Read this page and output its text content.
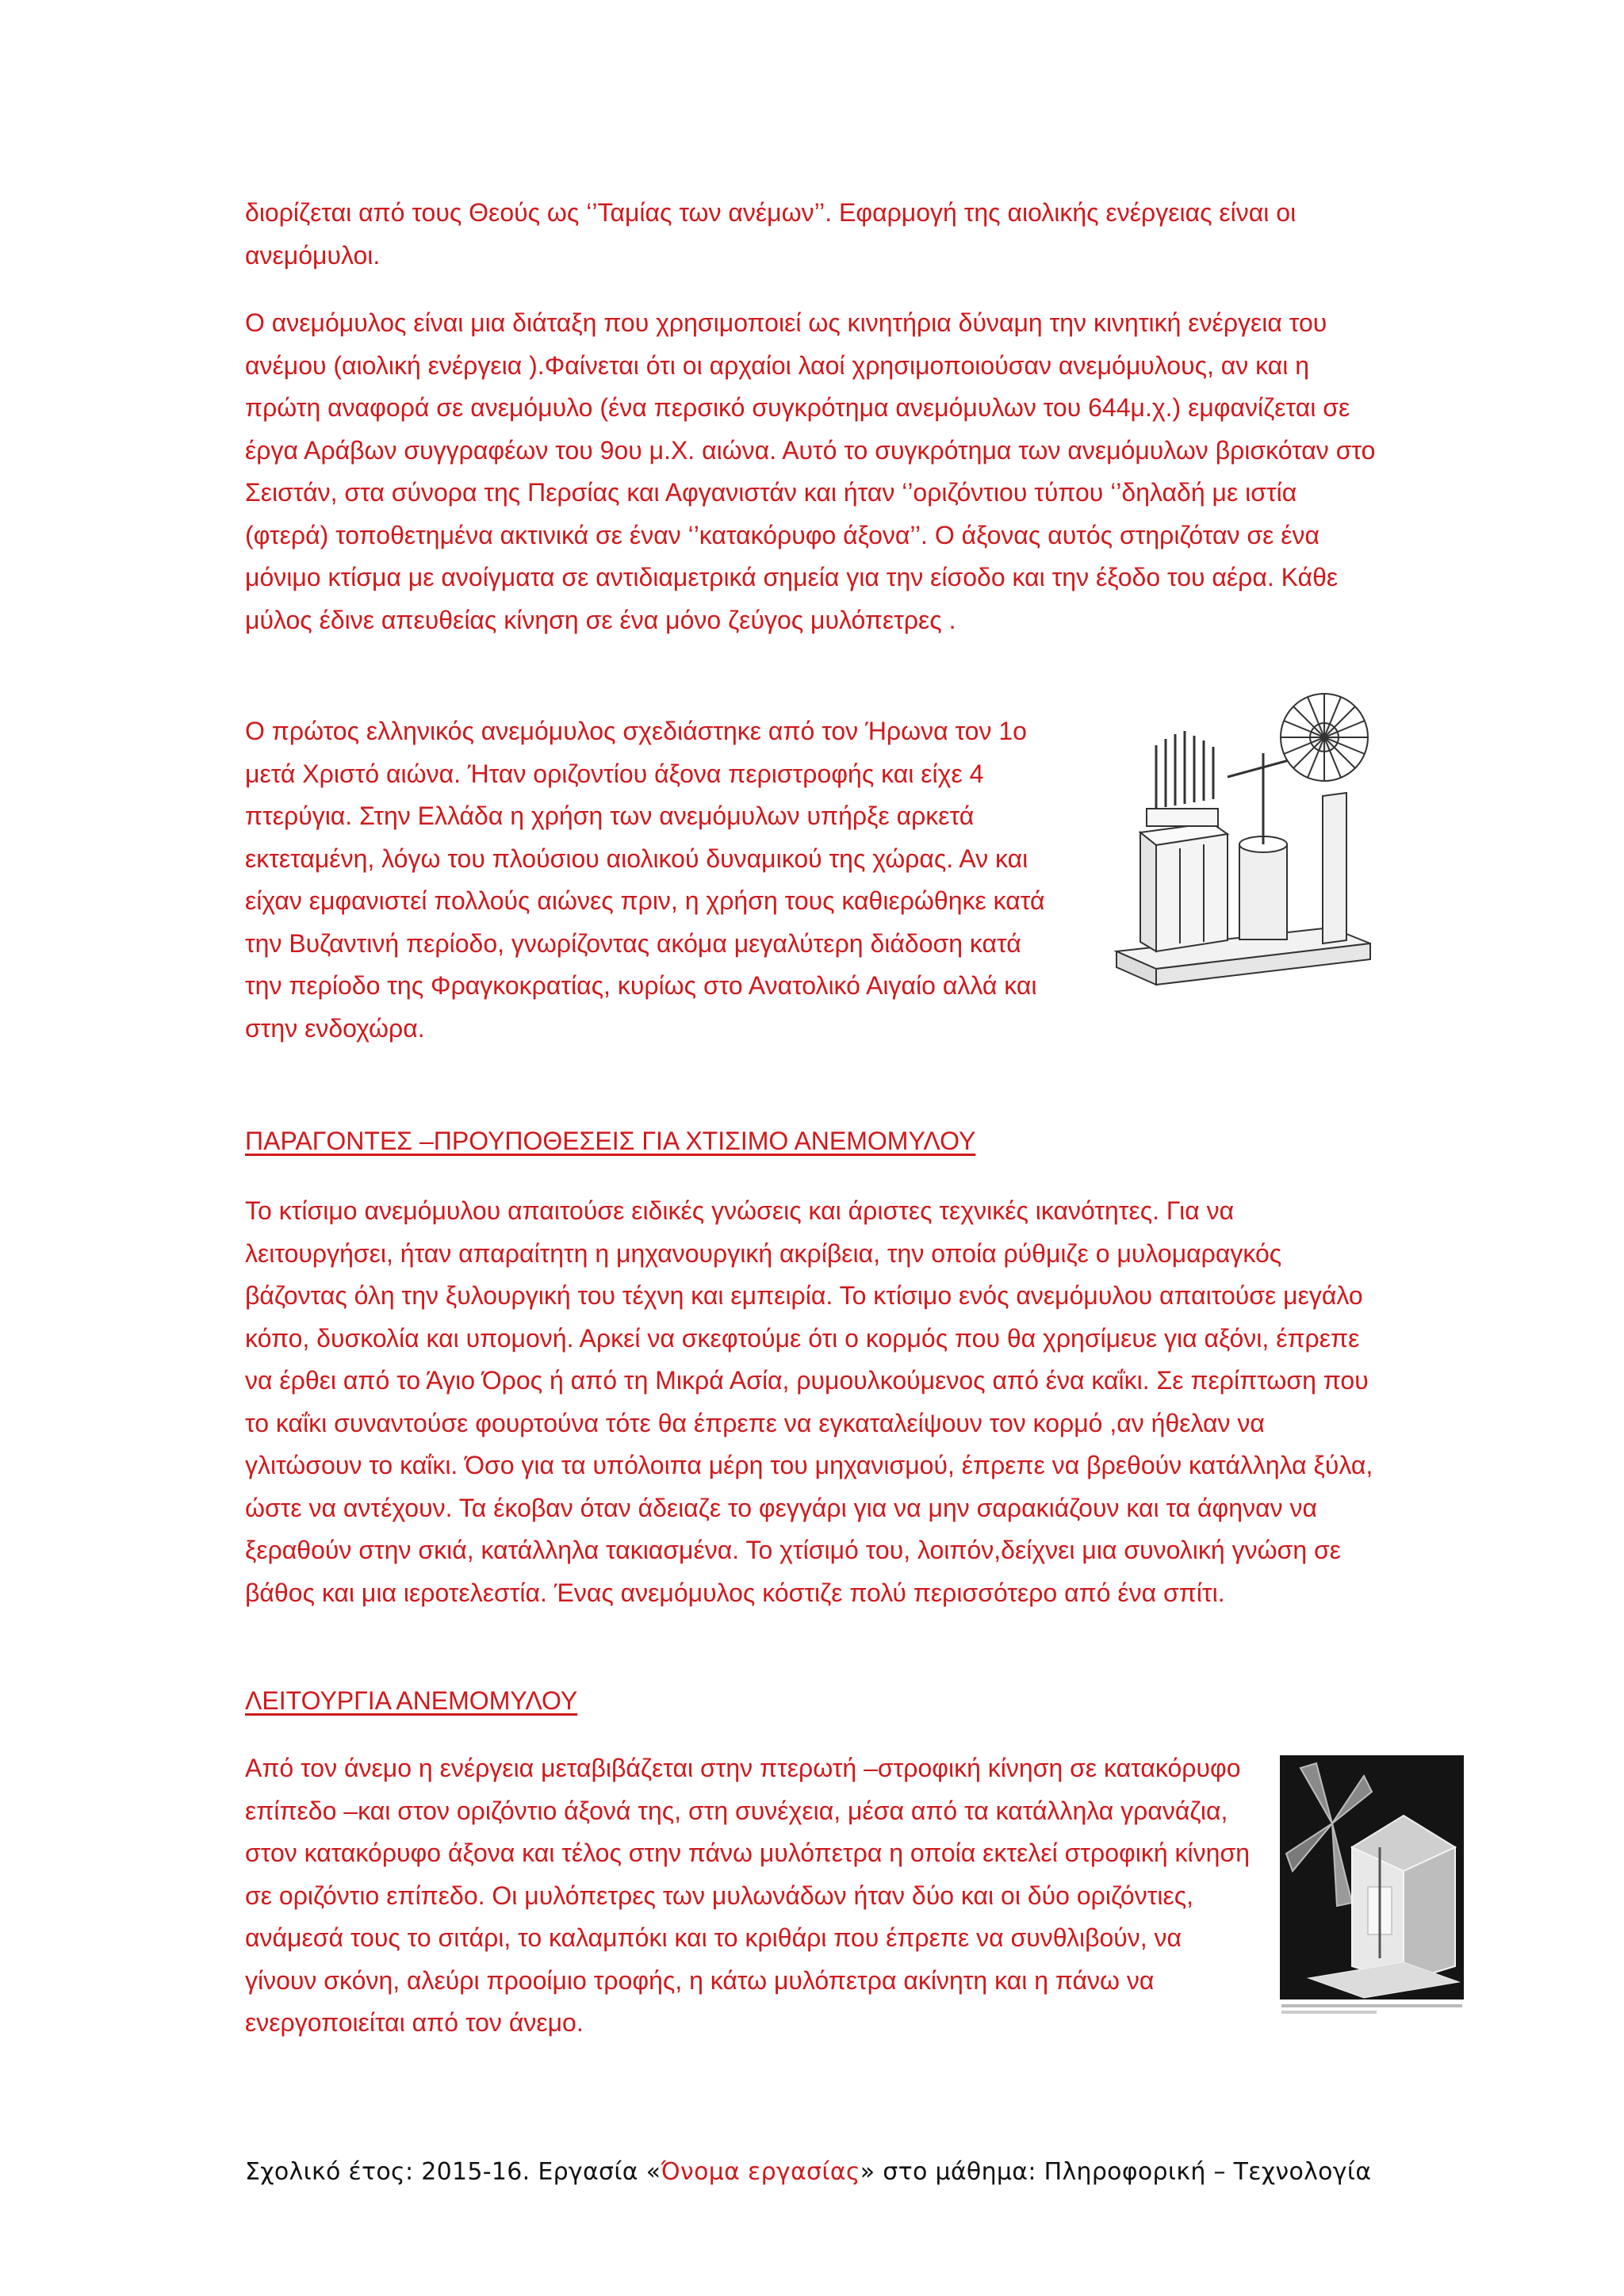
διορίζεται από τους Θεούς ως ‘’Ταμίας των ανέμων’’. Εφαρμογή της αιολικής ενέργειας είναι οι ανεμόμυλοι.

Ο ανεμόμυλος είναι μια διάταξη που χρησιμοποιεί ως κινητήρια δύναμη την κινητική ενέργεια του ανέμου (αιολική ενέργεια ).Φαίνεται ότι οι αρχαίοι λαοί χρησιμοποιούσαν ανεμόμυλους, αν και η πρώτη αναφορά σε ανεμόμυλο (ένα περσικό συγκρότημα ανεμόμυλων του 644μ.χ.) εμφανίζεται σε έργα Αράβων συγγραφέων του 9ου μ.Χ. αιώνα. Αυτό το συγκρότημα των ανεμόμυλων βρισκόταν στο Σειστάν, στα σύνορα της Περσίας και Αφγανιστάν και ήταν ‘’οριζόντιου τύπου ‘’δηλαδή με ιστία (φτερά) τοποθετημένα ακτινικά σε έναν ‘’κατακόρυφο άξονα’’. Ο άξονας αυτός στηριζόταν σε ένα μόνιμο κτίσμα με ανοίγματα σε αντιδιαμετρικά σημεία για την είσοδο και την έξοδο του αέρα. Κάθε μύλος έδινε απευθείας κίνηση σε ένα μόνο ζεύγος μυλόπετρες .

Ο πρώτος ελληνικός ανεμόμυλος σχεδιάστηκε από τον Ήρωνα τον 1ο μετά Χριστό αιώνα. Ήταν οριζοντίου άξονα περιστροφής και είχε 4 πτερύγια. Στην Ελλάδα η χρήση των ανεμόμυλων υπήρξε αρκετά εκτεταμένη, λόγω του πλούσιου αιολικού δυναμικού της χώρας. Αν και είχαν εμφανιστεί πολλούς αιώνες πριν, η χρήση τους καθιερώθηκε κατά την Βυζαντινή περίοδο, γνωρίζοντας ακόμα μεγαλύτερη διάδοση κατά την περίοδο της Φραγκοκρατίας, κυρίως στο Ανατολικό Αιγαίο αλλά και στην ενδοχώρα.

ΠΑΡΑΓΟΝΤΕΣ –ΠΡΟΥΠΟΘΕΣΕΙΣ ΓΙΑ ΧΤΙΣΙΜΟ ΑΝΕΜΟΜΥΛΟΥ

Το κτίσιμο ανεμόμυλου απαιτούσε ειδικές γνώσεις και άριστες τεχνικές ικανότητες. Για να λειτουργήσει, ήταν απαραίτητη η μηχανουργική ακρίβεια, την οποία ρύθμιζε ο μυλομαραγκός βάζοντας όλη την ξυλουργική του τέχνη και εμπειρία. Το κτίσιμο ενός ανεμόμυλου απαιτούσε μεγάλο κόπο, δυσκολία και υπομονή. Αρκεί να σκεφτούμε ότι ο κορμός που θα χρησίμευε για αξόνι, έπρεπε να έρθει από το Άγιο Όρος ή από τη Μικρά Ασία, ρυμουλκούμενος από ένα καΐκι. Σε περίπτωση που το καΐκι συναντούσε φουρτούνα τότε θα έπρεπε να εγκαταλείψουν τον κορμό ,αν ήθελαν να γλιτώσουν το καΐκι. Όσο για τα υπόλοιπα μέρη του μηχανισμού, έπρεπε να βρεθούν κατάλληλα ξύλα, ώστε να αντέχουν. Τα έκοβαν όταν άδειαζε το φεγγάρι για να μην σαρακιάζουν και τα άφηναν να ξεραθούν στην σκιά, κατάλληλα τακιασμένα. Το χτίσιμό του, λοιπόν,δείχνει μια συνολική γνώση σε βάθος και μια ιεροτελεστία. Ένας ανεμόμυλος κόστιζε πολύ περισσότερο από ένα σπίτι.

ΛΕΙΤΟΥΡΓΙΑ ΑΝΕΜΟΜΥΛΟΥ

Από τον άνεμο η ενέργεια μεταβιβάζεται στην πτερωτή –στροφική κίνηση σε κατακόρυφο επίπεδο –και στον οριζόντιο άξονά της, στη συνέχεια, μέσα από τα κατάλληλα γρανάζια, στον κατακόρυφο άξονα και τέλος στην πάνω μυλόπετρα η οποία εκτελεί στροφική κίνηση σε οριζόντιο επίπεδο. Οι μυλόπετρες των μυλωνάδων ήταν δύο και οι δύο οριζόντιες, ανάμεσά τους το σιτάρι, το καλαμπόκι και το κριθάρι που έπρεπε να συνθλιβούν, να γίνουν σκόνη, αλεύρι προοίμιο τροφής, η κάτω μυλόπετρα ακίνητη και η πάνω να ενεργοποιείται από τον άνεμο.

Σχολικό έτος: 2015-16. Εργασία «Όνομα εργασίας» στο μάθημα: Πληροφορική – Τεχνολογία
